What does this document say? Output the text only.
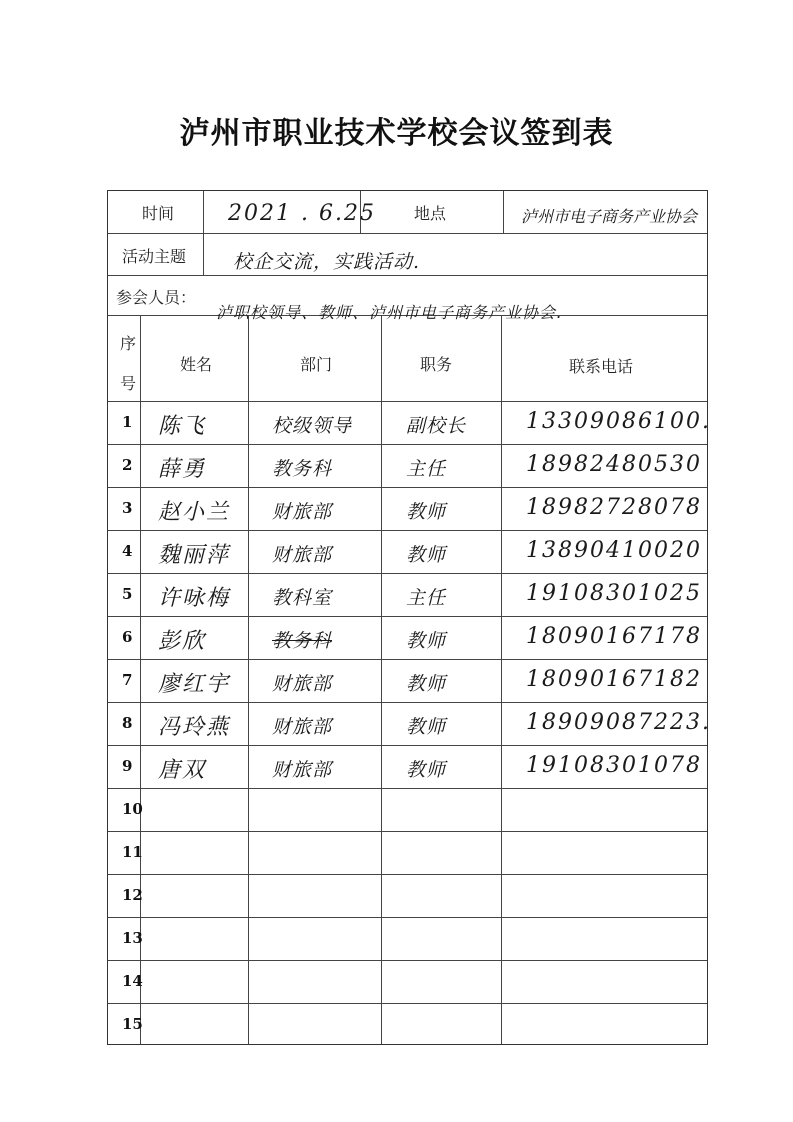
泸州市职业技术学校会议签到表
时间 2021 . 6.25 地点	泸州市电子商务产业协会
活动主题 校企交流，实践活动.
参会人员：
泸职校领导、教师、泸州市电子商务产业协会.
序
号
姓名	部门	职务	联系电话
1 陈飞	校级领导	副校长	13309086100.
2 薛勇	教务科	主任	18982480530
3 赵小兰 财旅部	教师	18982728078
4 魏丽萍 财旅部	教师	13890410020
5 许咏梅 教科室	主任	19108301025
6 彭欣	教务科	教师	18090167178
7 廖红宇 财旅部	教师	18090167182
8 冯玲燕 财旅部	教师	18909087223.
9 唐双	财旅部	教师	19108301078
10
11
12
13
14
15
